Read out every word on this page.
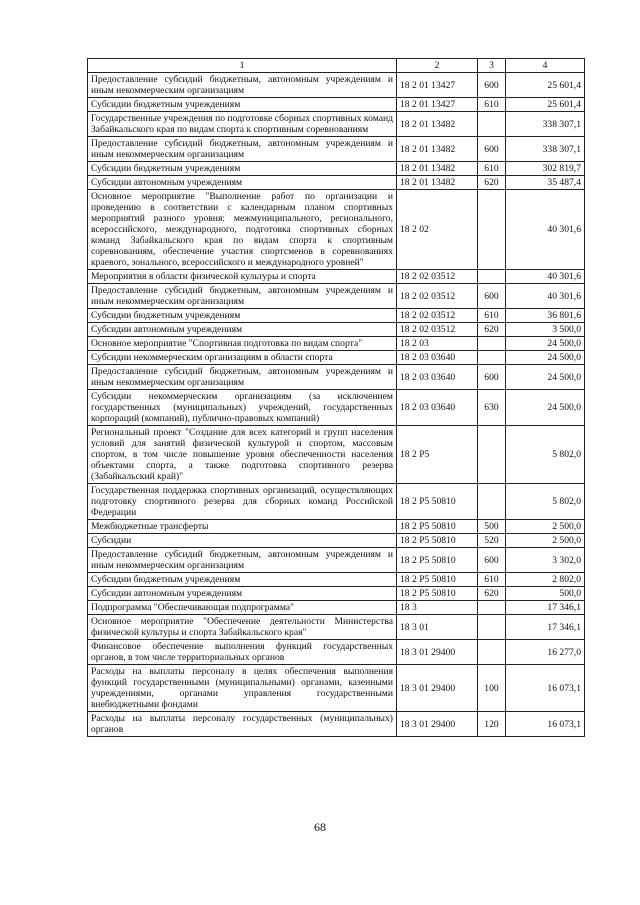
1	2	3	4
Предоставление субсидий бюджетным, автономным учреждениям и иным некоммерческим организациям	18 2 01 13427	600	25 601,4
Субсидии бюджетным учреждениям	18 2 01 13427	610	25 601,4
Государственные учреждения по подготовке сборных спортивных команд Забайкальского края по видам спорта к спортивным соревнованиям	18 2 01 13482		338 307,1
Предоставление субсидий бюджетным, автономным учреждениям и иным некоммерческим организациям	18 2 01 13482	600	338 307,1
Субсидии бюджетным учреждениям	18 2 01 13482	610	302 819,7
Субсидии автономным учреждениям	18 2 01 13482	620	35 487,4
Основное мероприятие "Выполнение работ по организации и проведению в соответствии с календарным планом спортивных мероприятий разного уровня: межмуниципального, регионального, всероссийского, международного, подготовка спортивных сборных команд Забайкальского края по видам спорта к спортивным соревнованиям, обеспечение участия спортсменов в соревнованиях краевого, зонального, всероссийского и международного уровней"	18 2 02		40 301,6
Мероприятия в области физической культуры и спорта	18 2 02 03512		40 301,6
Предоставление субсидий бюджетным, автономным учреждениям и иным некоммерческим организациям	18 2 02 03512	600	40 301,6
Субсидии бюджетным учреждениям	18 2 02 03512	610	36 801,6
Субсидии автономным учреждениям	18 2 02 03512	620	3 500,0
Основное мероприятие "Спортивная подготовка по видам спорта"	18 2 03		24 500,0
Субсидии некоммерческим организациям в области спорта	18 2 03 03640		24 500,0
Предоставление субсидий бюджетным, автономным учреждениям и иным некоммерческим организациям	18 2 03 03640	600	24 500,0
Субсидии некоммерческим организациям (за исключением государственных (муниципальных) учреждений, государственных корпораций (компаний), публично-правовых компаний)	18 2 03 03640	630	24 500,0
Региональный проект "Создание для всех категорий и групп населения условий для занятий физической культурой и спортом, массовым спортом, в том числе повышение уровня обеспеченности населения объектами спорта, а также подготовка спортивного резерва (Забайкальский край)"	18 2 P5		5 802,0
Государственная поддержка спортивных организаций, осуществляющих подготовку спортивного резерва для сборных команд Российской Федерации	18 2 P5 50810		5 802,0
Межбюджетные трансферты	18 2 P5 50810	500	2 500,0
Субсидии	18 2 P5 50810	520	2 500,0
Предоставление субсидий бюджетным, автономным учреждениям и иным некоммерческим организациям	18 2 P5 50810	600	3 302,0
Субсидии бюджетным учреждениям	18 2 P5 50810	610	2 802,0
Субсидии автономным учреждениям	18 2 P5 50810	620	500,0
Подпрограмма "Обеспечивающая подпрограмма"	18 3		17 346,1
Основное мероприятие "Обеспечение деятельности Министерства физической культуры и спорта Забайкальского края"	18 3 01		17 346,1
Финансовое обеспечение выполнения функций государственных органов, в том числе территориальных органов	18 3 01 29400		16 277,0
Расходы на выплаты персоналу в целях обеспечения выполнения функций государственными (муниципальными) органами, казенными учреждениями, органами управления государственными внебюджетными фондами	18 3 01 29400	100	16 073,1
Расходы на выплаты персоналу государственных (муниципальных) органов	18 3 01 29400	120	16 073,1
68
